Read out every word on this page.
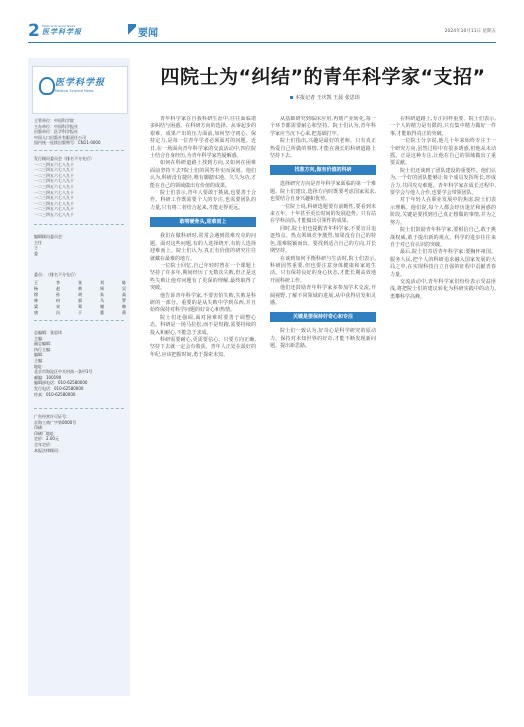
2 Medical Science News
医学科学报	要闻	2024年10月11日 星期五
医学科学报
Medical Science News
主管单位：中国科学院
主办单位：中国科学报社
出版单位：医学科学报社
中国人口出版社有限责任公司
国内统一连续出版物号：CN11-0000
发行顾问委员会（排名不分先后）
一二三四五六七八九十
一二三四五六七八九十
一二三四五六七八九十
一二三四五六七八九十
一二三四五六七八九十
一二三四五六七八九十
一二三四五六七八九十
一二三四五六七八九十
一二三四五六七八九十
一二三四五六七八九十
编辑顾问委员会：
主任
主
委
委员：（排名不分先后）
王	李	张	刘	陈
杨	赵	黄	周	吴
徐	孙	胡	朱	高
林	何	郭	马	罗
梁	宋	郑	谢	韩
唐	冯	于	董	萧
总编辑：张思玮
主编：
副总编辑：
执行主编：
编辑：
主编：
地址：
北京市海淀区中关村南一条甲1号
邮编：100190
编辑部电话：010-62580000
发行电话：010-62580000
传真：010-62580000
广告经营许可证号：
京海工商广字第0000号
印刷：
印刷厂地址：
定价：2.00元
全年定价：
本报法律顾问：
四院士为“纠结”的青年科学家“支招”
本报记者 王庆凯 王晨 张思玮

青年科学家在自我科研生涯中,往往面临诸多纠结与困惑。在科研方向的选择、从零起步的艰难、成果产出的压力面前,如何坚守初心、保持定力,是每一位青年学者必须面对的问题。近日,在一场面向青年科学家的交流活动中,四位院士结合自身经历,为青年科学家答疑解惑。

如何在科研道路上找到方向,又如何在困难面前坚持下去?院士们的回答朴实而深刻。他们认为,科研没有捷径,唯有脚踏实地、久久为功,才能在自己的领域做出有价值的成果。

院士们表示,青年人要敢于挑战,也要善于合作。科研工作既需要个人的专注,也需要团队的力量,只有将二者结合起来,才能走得更远。

敢啃硬骨头,迎难而上

我们在做科研时,常常会遇到很难攻克的问题。面对这些问题,有的人选择绕开,有的人选择迎难而上。院士们认为,真正有价值的研究往往就藏在最难的地方。

一位院士回忆,自己年轻时曾在一个课题上坚持了许多年,期间经历了无数次失败,但正是这些失败让他对问题有了更深的理解,最终取得了突破。

他告诉青年科学家,不要害怕失败,失败是科研的一部分。重要的是从失败中学到东西,并且始终保持对科学问题的好奇心和热情。

院士们还强调,面对困难时要善于调整心态。科研是一场马拉松,而不是短跑,需要持续的投入和耐心,不能急于求成。

科研需要耐心,更需要信心。只要方向正确,坚持下去就一定会有收获。青年人正处在最好的年纪,应该把握时间,勇于探索未知。

从基础研究到临床应用,再到产业转化,每一个环节都需要耐心和坚持。院士们认为,青年科学家应当沉下心来,把基础打牢。

院士们指出,兴趣是最好的老师。只有真正热爱自己所做的事情,才能在漫长的科研道路上坚持下去。

找准方向,做有价值的科研

选择研究方向是青年科学家面临的第一个难题。院士们建议,选择方向时既要考虑国家需求,也要结合自身兴趣和优势。

一位院士说,科研选题要有前瞻性,要看到未来五年、十年甚至更长时间的发展趋势。只有站在学科前沿,才能做出引领性的成果。

同时,院士们也提醒青年科学家,不要盲目追逐热点。热点领域竞争激烈,如果没有自己的特色,很难脱颖而出。要找到适合自己的方向,并长期坚持。

在谈到如何平衡科研与生活时,院士们表示,科研固然重要,但也要注意身体健康和家庭生活。只有保持良好的身心状态,才能长期高效地开展科研工作。

他们还鼓励青年科学家多参加学术交流,开阔视野,了解不同领域的进展,从中获得启发和灵感。

关键是要保持好奇心和专注

院士们一致认为,好奇心是科学研究的原动力。保持对未知世界的好奇,才能不断发现新问题、提出新思路。

在科研道路上,专注同样重要。院士们表示,一个人的精力是有限的,只有集中精力做好一件事,才能取得真正的突破。

一位院士分享说,他几十年来始终专注于一个研究方向,虽然过程中有很多诱惑,但他从未动摇。正是这种专注,让他在自己的领域做出了重要贡献。

院士们还谈到了团队建设的重要性。他们认为,一个好的团队能够让每个成员发挥所长,形成合力,共同攻克难题。青年科学家在成长过程中,要学会与他人合作,也要学会带领团队。

对于年轻人在职业发展中的焦虑,院士们表示理解。他们说,每个人都会经历迷茫和困惑的阶段,关键是要找到自己真正想做的事情,并为之努力。

院士们鼓励青年科学家,要相信自己,敢于挑战权威,敢于提出新的观点。科学的进步往往来自于对已有认识的突破。

最后,院士们寄语青年科学家:要胸怀祖国、服务人民,把个人的科研追求融入国家发展的大局之中,在实现科技自立自强的征程中贡献青春力量。

交流活动中,青年科学家们纷纷表示受益匪浅,将把院士们的建议转化为科研实践中的动力,勇攀科学高峰。
